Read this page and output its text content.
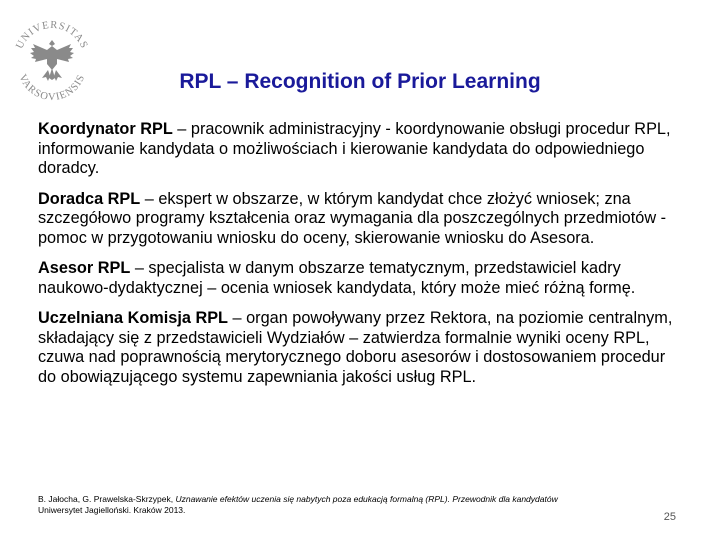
UNIVERSITAS
VARSOVIENSIS	RPL – Recognition of Prior Learning

Koordynator RPL – pracownik administracyjny - koordynowanie obsługi procedur RPL, informowanie kandydata o możliwościach i kierowanie kandydata do odpowiedniego doradcy.

Doradca RPL – ekspert w obszarze, w którym kandydat chce złożyć wniosek; zna szczegółowo programy kształcenia oraz wymagania dla poszczególnych przedmiotów - pomoc w przygotowaniu wniosku do oceny, skierowanie wniosku do Asesora.

Asesor RPL – specjalista w danym obszarze tematycznym, przedstawiciel kadry naukowo-dydaktycznej – ocenia wniosek kandydata, który może mieć różną formę.

Uczelniana Komisja RPL – organ powoływany przez Rektora, na poziomie centralnym, składający się z przedstawicieli Wydziałów – zatwierdza formalnie wyniki oceny RPL, czuwa nad poprawnością merytorycznego doboru asesorów i dostosowaniem procedur do obowiązującego systemu zapewniania jakości usług RPL.

B. Jałocha, G. Prawelska-Skrzypek, Uznawanie efektów uczenia się nabytych poza edukacją formalną (RPL). Przewodnik dla kandydatów
Uniwersytet Jagielloński. Kraków 2013.
25
